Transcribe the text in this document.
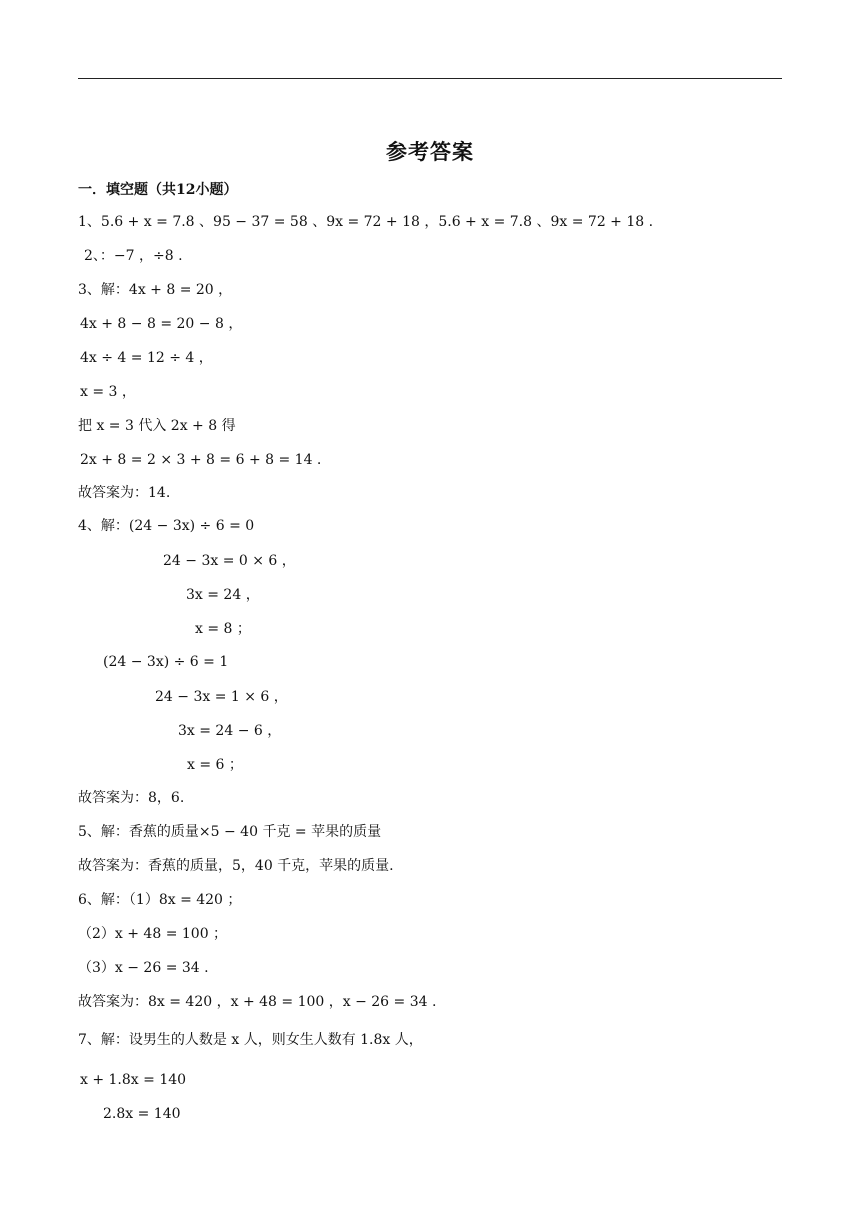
参考答案
一．填空题（共12小题）
1、5.6 + x = 7.8 、95 − 37 = 58 、9x = 72 + 18 ，5.6 + x = 7.8 、9x = 72 + 18 .
2、：−7 ，÷8 .
3、解：4x + 8 = 20 ，
4x + 8 − 8 = 20 − 8 ，
4x ÷ 4 = 12 ÷ 4 ，
x = 3 ，
把 x = 3 代入 2x + 8 得
2x + 8 = 2 × 3 + 8 = 6 + 8 = 14 .
故答案为：14.
4、解：(24 − 3x) ÷ 6 = 0
24 − 3x = 0 × 6 ，
3x = 24 ，
x = 8 ；
(24 − 3x) ÷ 6 = 1
24 − 3x = 1 × 6 ，
3x = 24 − 6 ，
x = 6 ；
故答案为：8，6.
5、解：香蕉的质量×5 − 40 千克 = 苹果的质量
故答案为：香蕉的质量，5，40 千克，苹果的质量.
6、解：（1）8x = 420 ；
（2）x + 48 = 100 ；
（3）x − 26 = 34 .
故答案为：8x = 420 ，x + 48 = 100 ，x − 26 = 34 .
7、解：设男生的人数是 x 人，则女生人数有 1.8x 人，
x + 1.8x = 140
2.8x = 140
